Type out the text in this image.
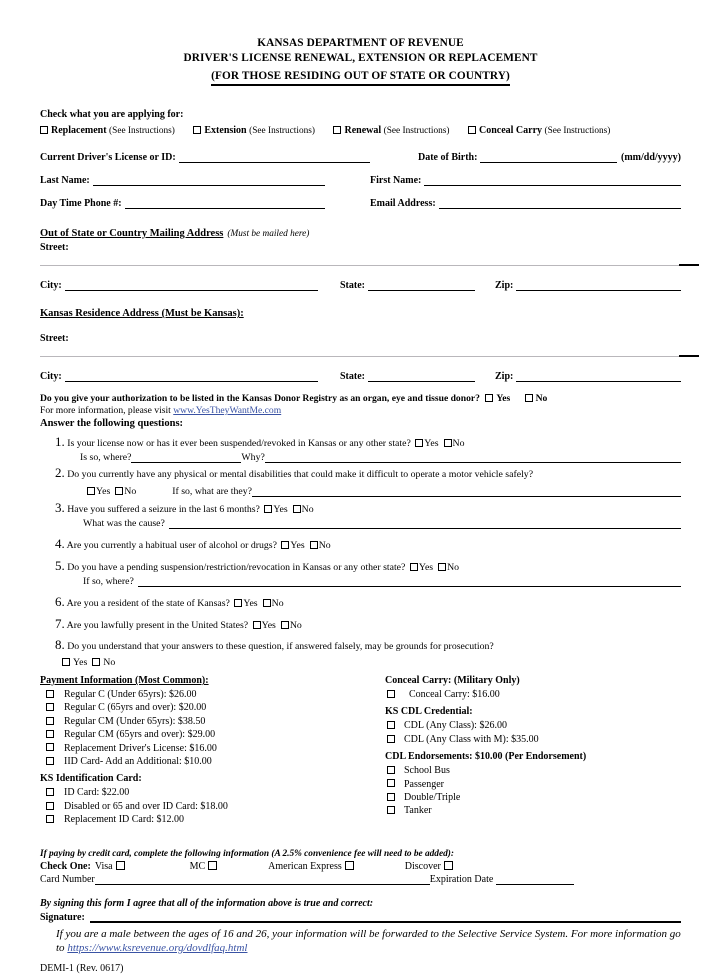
KANSAS DEPARTMENT OF REVENUE
DRIVER'S LICENSE RENEWAL, EXTENSION OR REPLACEMENT
(FOR THOSE RESIDING OUT OF STATE OR COUNTRY)
Check what you are applying for:
Replacement (See Instructions)	Extension (See Instructions)	Renewal (See Instructions)	Conceal Carry (See Instructions)
Current Driver's License or ID:	Date of Birth:	(mm/dd/yyyy)
Last Name:	First Name:
Day Time Phone #:	Email Address:
Out of State or Country Mailing Address (Must be mailed here)
Street:
City:	State:	Zip:
Kansas Residence Address (Must be Kansas):
Street:
City:	State:	Zip:
Do you give your authorization to be listed in the Kansas Donor Registry as an organ, eye and tissue donor? Yes	No
For more information, please visit www.YesTheyWantMe.com
Answer the following questions:
1. Is your license now or has it ever been suspended/revoked in Kansas or any other state? Yes No
Is so, where?	Why?
2. Do you currently have any physical or mental disabilities that could make it difficult to operate a motor vehicle safely?
Yes No	If so, what are they?
3. Have you suffered a seizure in the last 6 months? Yes No
What was the cause?
4. Are you currently a habitual user of alcohol or drugs? Yes No
5. Do you have a pending suspension/restriction/revocation in Kansas or any other state? Yes No
If so, where?
6. Are you a resident of the state of Kansas? Yes No
7. Are you lawfully present in the United States? Yes No
8. Do you understand that your answers to these question, if answered falsely, may be grounds for prosecution?
Yes No
Payment Information (Most Common):
Regular C (Under 65yrs): $26.00
Regular C (65yrs and over): $20.00
Regular CM (Under 65yrs): $38.50
Regular CM (65yrs and over): $29.00
Replacement Driver's License: $16.00
IID Card- Add an Additional: $10.00
KS Identification Card:
ID Card: $22.00
Disabled or 65 and over ID Card: $18.00
Replacement ID Card: $12.00
Conceal Carry: (Military Only)
Conceal Carry: $16.00
KS CDL Credential:
CDL (Any Class): $26.00
CDL (Any Class with M): $35.00
CDL Endorsements: $10.00 (Per Endorsement)
School Bus
Passenger
Double/Triple
Tanker
If paying by credit card, complete the following information (A 2.5% convenience fee will need to be added):
Check One: Visa	MC	American Express	Discover
Card Number	Expiration Date
By signing this form I agree that all of the information above is true and correct:
Signature:
If you are a male between the ages of 16 and 26, your information will be forwarded to the Selective Service System. For more information go to https://www.ksrevenue.org/dovdlfaq.html
DEMI-1 (Rev. 0617)
